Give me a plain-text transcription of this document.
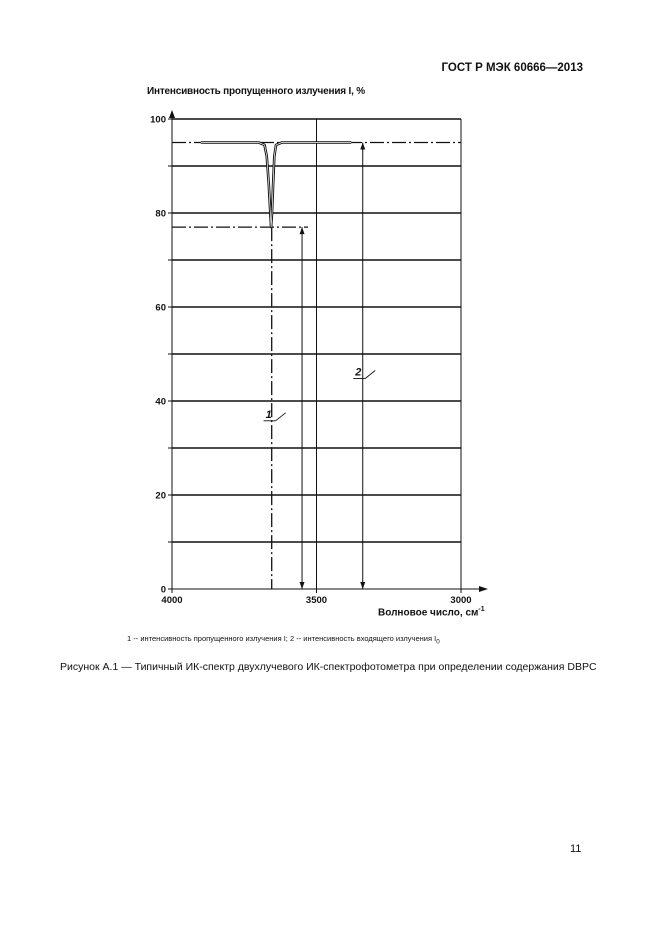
ГОСТ Р МЭК 60666—2013
Интенсивность пропущенного излучения I, %
0
20
40
60
80
100
4000	3500	3000
1
2
Волновое число, $см^{-1}$
1 -- интенсивность пропущенного излучения I; 2 -- интенсивность входящего излучения $I_0$
Рисунок А.1 — Типичный ИК-спектр двухлучевого ИК-спектрофотометра при определении содержания DBPC
11
